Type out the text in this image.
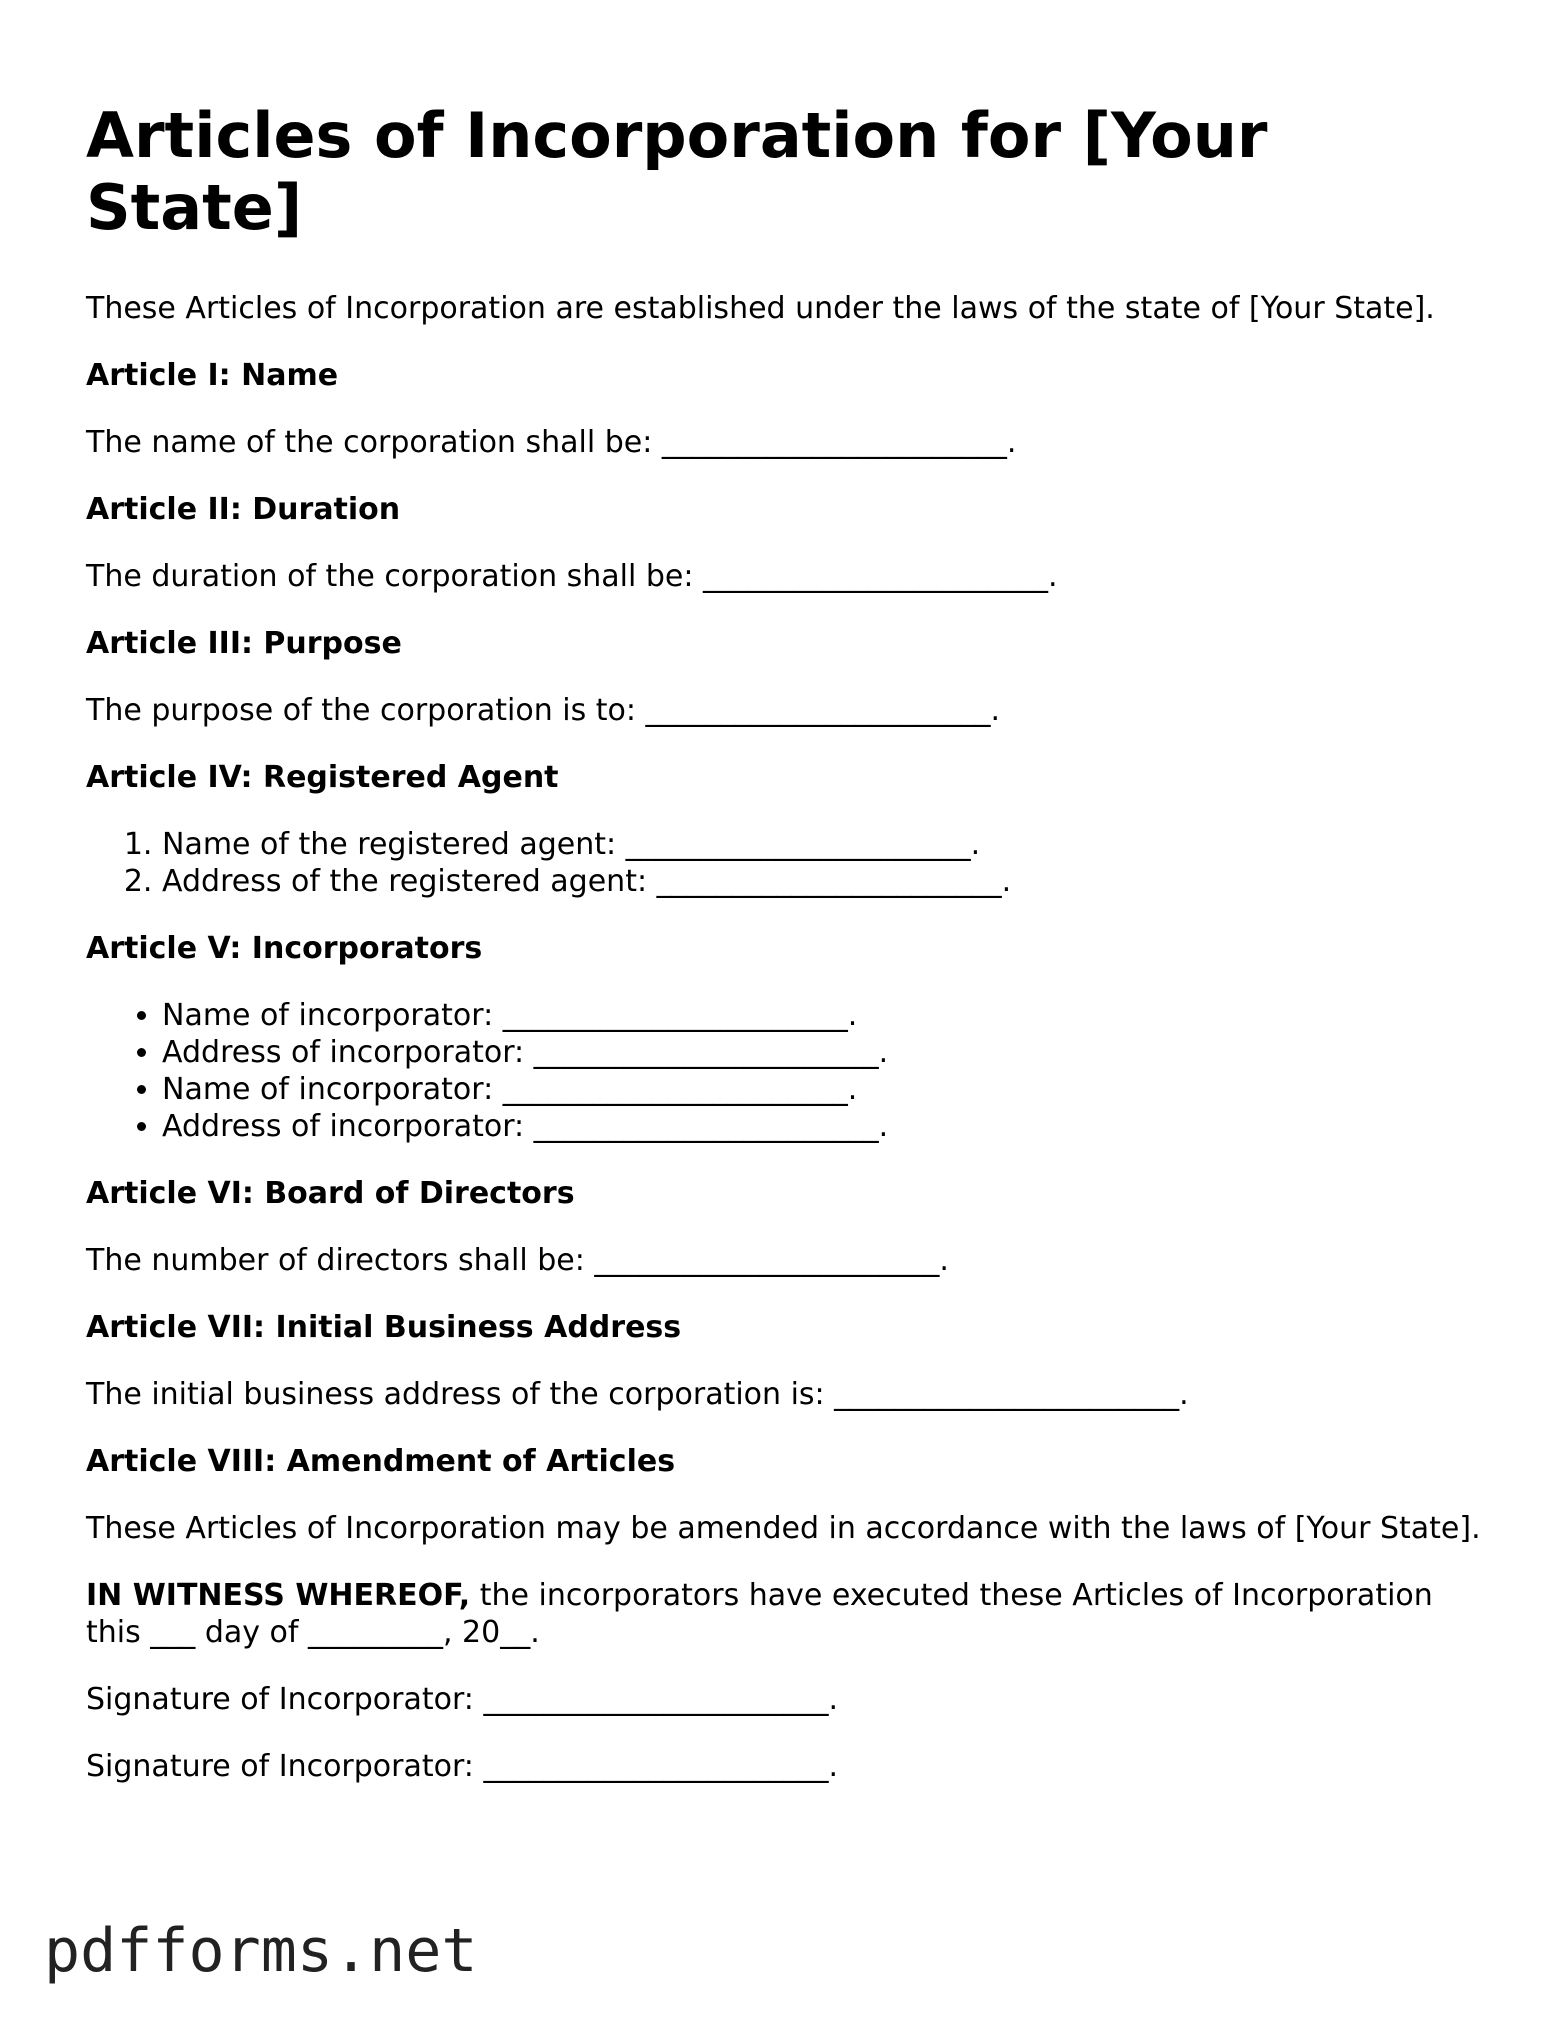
Articles of Incorporation for [Your State]

These Articles of Incorporation are established under the laws of the state of [Your State].

Article I: Name

The name of the corporation shall be: _______________________.

Article II: Duration

The duration of the corporation shall be: _______________________.

Article III: Purpose

The purpose of the corporation is to: _______________________.

Article IV: Registered Agent
1. Name of the registered agent: _______________________.
2. Address of the registered agent: _______________________.
Article V: Incorporators
• Name of incorporator: _______________________.
• Address of incorporator: _______________________.
• Name of incorporator: _______________________.
• Address of incorporator: _______________________.
Article VI: Board of Directors

The number of directors shall be: _______________________.

Article VII: Initial Business Address

The initial business address of the corporation is: _______________________.

Article VIII: Amendment of Articles

These Articles of Incorporation may be amended in accordance with the laws of [Your State].

IN WITNESS WHEREOF, the incorporators have executed these Articles of Incorporation this ___ day of _________, 20__.

Signature of Incorporator: _______________________.

Signature of Incorporator: _______________________.

pdfforms.net
